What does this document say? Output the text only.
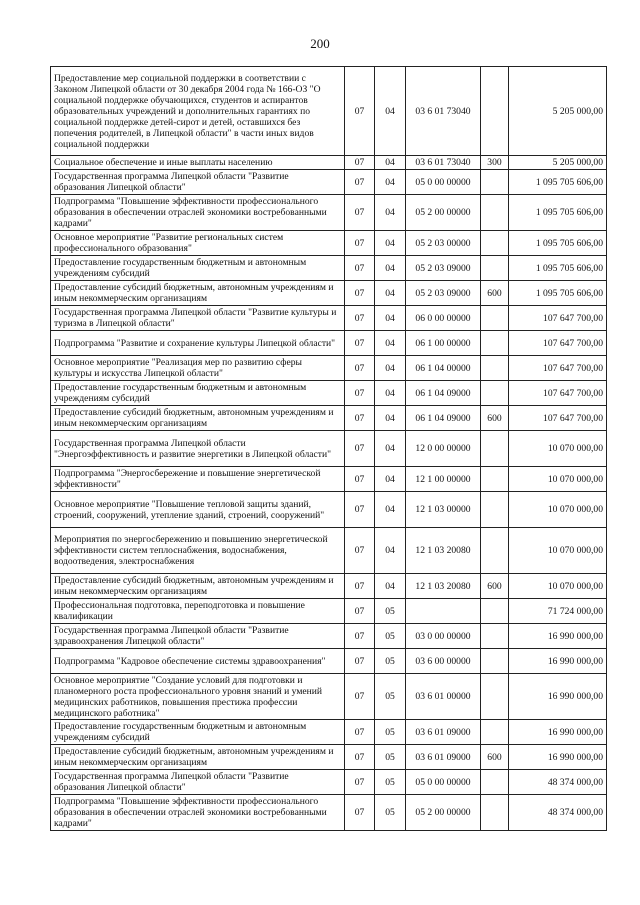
200
Предоставление мер социальной поддержки в соответствии с Законом Липецкой области от 30 декабря 2004 года № 166-ОЗ "О социальной поддержке обучающихся, студентов и аспирантов образовательных учреждений и дополнительных гарантиях по социальной поддержке детей-сирот и детей, оставшихся без попечения родителей, в Липецкой области" в части иных видов социальной поддержки	07	04	03 6 01 73040		5 205 000,00
Социальное обеспечение и иные выплаты населению	07	04	03 6 01 73040	300	5 205 000,00
Государственная программа Липецкой области "Развитие образования Липецкой области"	07	04	05 0 00 00000		1 095 705 606,00
Подпрограмма "Повышение эффективности профессионального образования в обеспечении отраслей экономики востребованными кадрами"	07	04	05 2 00 00000		1 095 705 606,00
Основное мероприятие "Развитие региональных систем профессионального образования"	07	04	05 2 03 00000		1 095 705 606,00
Предоставление государственным бюджетным и автономным учреждениям субсидий	07	04	05 2 03 09000		1 095 705 606,00
Предоставление субсидий бюджетным, автономным учреждениям и иным некоммерческим организациям	07	04	05 2 03 09000	600	1 095 705 606,00
Государственная программа Липецкой области "Развитие культуры и туризма в Липецкой области"	07	04	06 0 00 00000		107 647 700,00
Подпрограмма "Развитие и сохранение культуры Липецкой области"	07	04	06 1 00 00000		107 647 700,00
Основное мероприятие "Реализация мер по развитию сферы культуры и искусства Липецкой области"	07	04	06 1 04 00000		107 647 700,00
Предоставление государственным бюджетным и автономным учреждениям субсидий	07	04	06 1 04 09000		107 647 700,00
Предоставление субсидий бюджетным, автономным учреждениям и иным некоммерческим организациям	07	04	06 1 04 09000	600	107 647 700,00
Государственная программа Липецкой области "Энергоэффективность и развитие энергетики в Липецкой области"	07	04	12 0 00 00000		10 070 000,00
Подпрограмма "Энергосбережение и повышение энергетической эффективности"	07	04	12 1 00 00000		10 070 000,00
Основное мероприятие "Повышение тепловой защиты зданий, строений, сооружений, утепление зданий, строений, сооружений"	07	04	12 1 03 00000		10 070 000,00
Мероприятия по энергосбережению и повышению энергетической эффективности систем теплоснабжения, водоснабжения, водоотведения, электроснабжения	07	04	12 1 03 20080		10 070 000,00
Предоставление субсидий бюджетным, автономным учреждениям и иным некоммерческим организациям	07	04	12 1 03 20080	600	10 070 000,00
Профессиональная подготовка, переподготовка и повышение квалификации	07	05			71 724 000,00
Государственная программа Липецкой области "Развитие здравоохранения Липецкой области"	07	05	03 0 00 00000		16 990 000,00
Подпрограмма "Кадровое обеспечение системы здравоохранения"	07	05	03 6 00 00000		16 990 000,00
Основное мероприятие "Создание условий для подготовки и планомерного роста профессионального уровня знаний и умений медицинских работников, повышения престижа профессии медицинского работника"	07	05	03 6 01 00000		16 990 000,00
Предоставление государственным бюджетным и автономным учреждениям субсидий	07	05	03 6 01 09000		16 990 000,00
Предоставление субсидий бюджетным, автономным учреждениям и иным некоммерческим организациям	07	05	03 6 01 09000	600	16 990 000,00
Государственная программа Липецкой области "Развитие образования Липецкой области"	07	05	05 0 00 00000		48 374 000,00
Подпрограмма "Повышение эффективности профессионального образования в обеспечении отраслей экономики востребованными кадрами"	07	05	05 2 00 00000		48 374 000,00
